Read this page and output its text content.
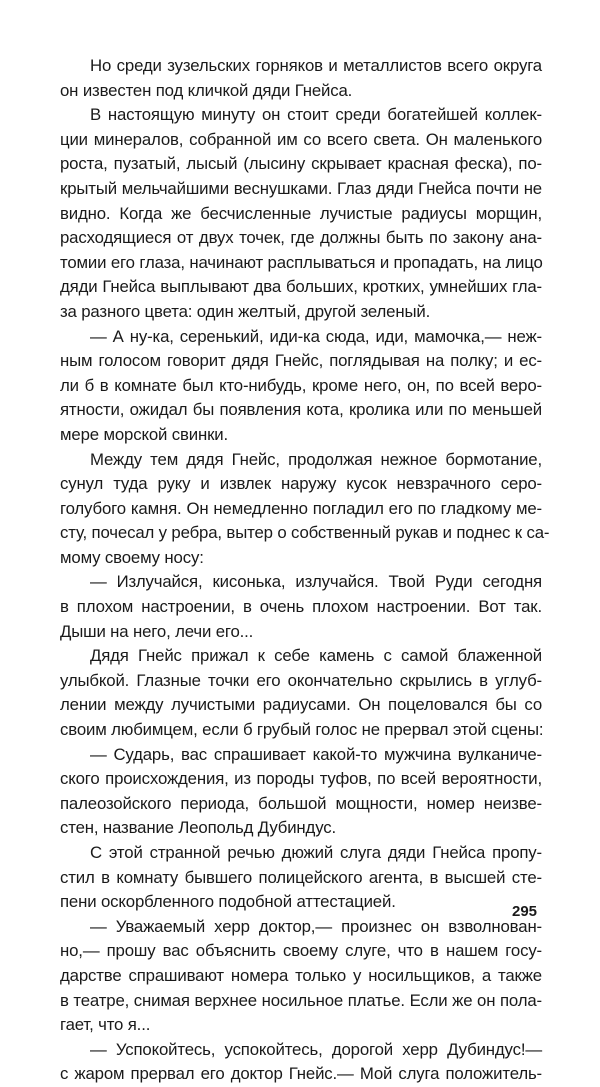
Но среди зузельских горняков и металлистов всего округа
он известен под кличкой дяди Гнейса.
В настоящую минуту он стоит среди богатейшей коллек-
ции минералов, собранной им со всего света. Он маленького
роста, пузатый, лысый (лысину скрывает красная феска), по-
крытый мельчайшими веснушками. Глаз дяди Гнейса почти не
видно. Когда же бесчисленные лучистые радиусы морщин,
расходящиеся от двух точек, где должны быть по закону ана-
томии его глаза, начинают расплываться и пропадать, на лицо
дяди Гнейса выплывают два больших, кротких, умнейших гла-
за разного цвета: один желтый, другой зеленый.
— А ну-ка, серенький, иди-ка сюда, иди, мамочка,— неж-
ным голосом говорит дядя Гнейс, поглядывая на полку; и ес-
ли б в комнате был кто-нибудь, кроме него, он, по всей веро-
ятности, ожидал бы появления кота, кролика или по меньшей
мере морской свинки.
Между тем дядя Гнейс, продолжая нежное бормотание,
сунул туда руку и извлек наружу кусок невзрачного серо-
голубого камня. Он немедленно погладил его по гладкому ме-
сту, почесал у ребра, вытер о собственный рукав и поднес к са-
мому своему носу:
— Излучайся, кисонька, излучайся. Твой Руди сегодня
в плохом настроении, в очень плохом настроении. Вот так.
Дыши на него, лечи его...
Дядя Гнейс прижал к себе камень с самой блаженной
улыбкой. Глазные точки его окончательно скрылись в углуб-
лении между лучистыми радиусами. Он поцеловался бы со
своим любимцем, если б грубый голос не прервал этой сцены:
— Сударь, вас спрашивает какой-то мужчина вулканиче-
ского происхождения, из породы туфов, по всей вероятности,
палеозойского периода, большой мощности, номер неизве-
стен, название Леопольд Дубиндус.
С этой странной речью дюжий слуга дяди Гнейса пропу-
стил в комнату бывшего полицейского агента, в высшей сте-
пени оскорбленного подобной аттестацией.
— Уважаемый херр доктор,— произнес он взволнован-
но,— прошу вас объяснить своему слуге, что в нашем госу-
дарстве спрашивают номера только у носильщиков, а также
в театре, снимая верхнее носильное платье. Если же он пола-
гает, что я...
— Успокойтесь, успокойтесь, дорогой херр Дубиндус!—
с жаром прервал его доктор Гнейс.— Мой слуга положитель-
295
